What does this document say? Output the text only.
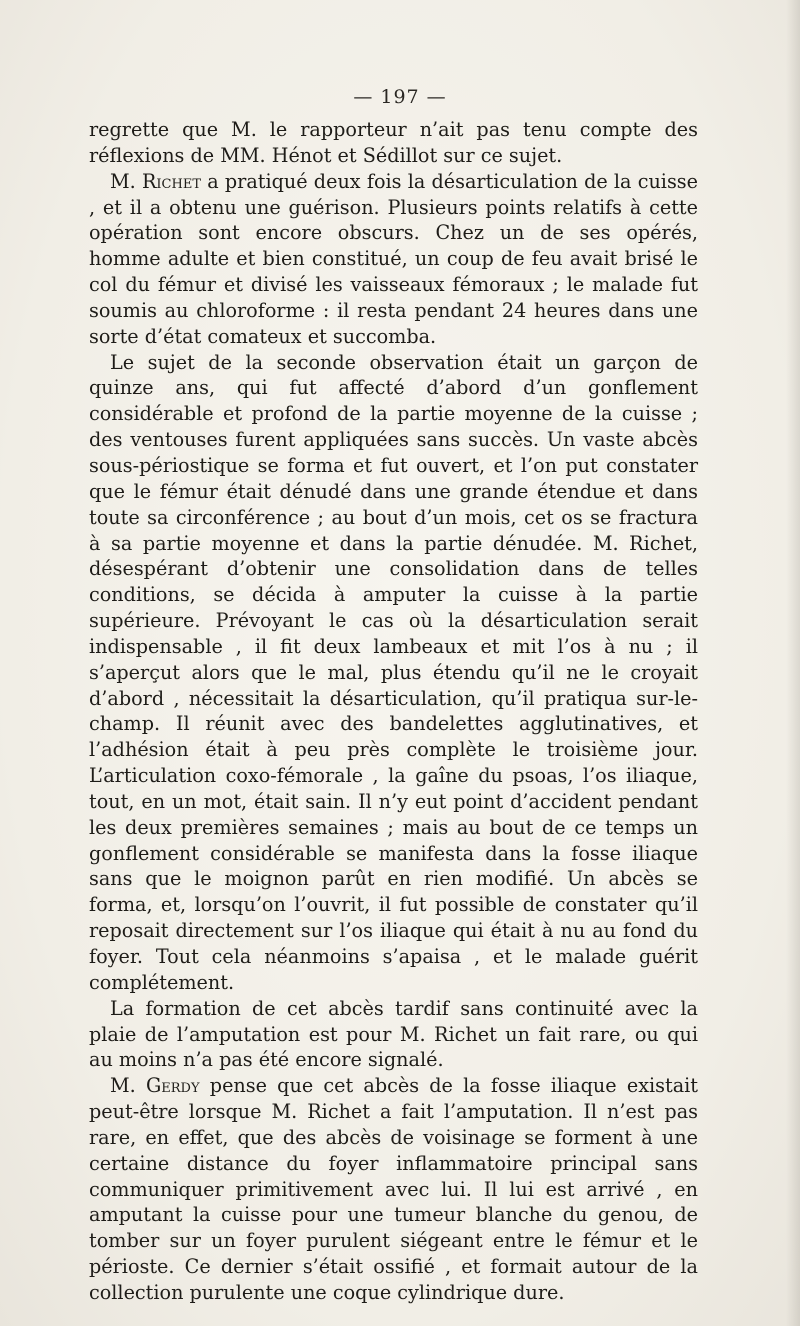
— 197 —

regrette que M. le rapporteur n’ait pas tenu compte des réflexions de MM. Hénot et Sédillot sur ce sujet.

M. Richet a pratiqué deux fois la désarticulation de la cuisse , et il a obtenu une guérison. Plusieurs points relatifs à cette opération sont encore obscurs. Chez un de ses opérés, homme adulte et bien constitué, un coup de feu avait brisé le col du fémur et divisé les vaisseaux fémoraux ; le malade fut soumis au chloroforme : il resta pendant 24 heures dans une sorte d’état comateux et succomba.

Le sujet de la seconde observation était un garçon de quinze ans, qui fut affecté d’abord d’un gonflement considérable et profond de la partie moyenne de la cuisse ; des ventouses furent appliquées sans succès. Un vaste abcès sous-périostique se forma et fut ouvert, et l’on put constater que le fémur était dénudé dans une grande étendue et dans toute sa circonférence ; au bout d’un mois, cet os se fractura à sa partie moyenne et dans la partie dénudée. M. Richet, désespérant d’obtenir une consolidation dans de telles conditions, se décida à amputer la cuisse à la partie supérieure. Prévoyant le cas où la désarticulation serait indispensable , il fit deux lambeaux et mit l’os à nu ; il s’aperçut alors que le mal, plus étendu qu’il ne le croyait d’abord , nécessitait la désarticulation, qu’il pratiqua sur-le-champ. Il réunit avec des bandelettes agglutinatives, et l’adhésion était à peu près complète le troisième jour. L’articulation coxo-fémorale , la gaîne du psoas, l’os iliaque, tout, en un mot, était sain. Il n’y eut point d’accident pendant les deux premières semaines ; mais au bout de ce temps un gonflement considérable se manifesta dans la fosse iliaque sans que le moignon parût en rien modifié. Un abcès se forma, et, lorsqu’on l’ouvrit, il fut possible de constater qu’il reposait directement sur l’os iliaque qui était à nu au fond du foyer. Tout cela néanmoins s’apaisa , et le malade guérit complétement.

La formation de cet abcès tardif sans continuité avec la plaie de l’amputation est pour M. Richet un fait rare, ou qui au moins n’a pas été encore signalé.

M. Gerdy pense que cet abcès de la fosse iliaque existait peut-être lorsque M. Richet a fait l’amputation. Il n’est pas rare, en effet, que des abcès de voisinage se forment à une certaine distance du foyer inflammatoire principal sans communiquer primitivement avec lui. Il lui est arrivé , en amputant la cuisse pour une tumeur blanche du genou, de tomber sur un foyer purulent siégeant entre le fémur et le périoste. Ce dernier s’était ossifié , et formait autour de la collection purulente une coque cylindrique dure.
